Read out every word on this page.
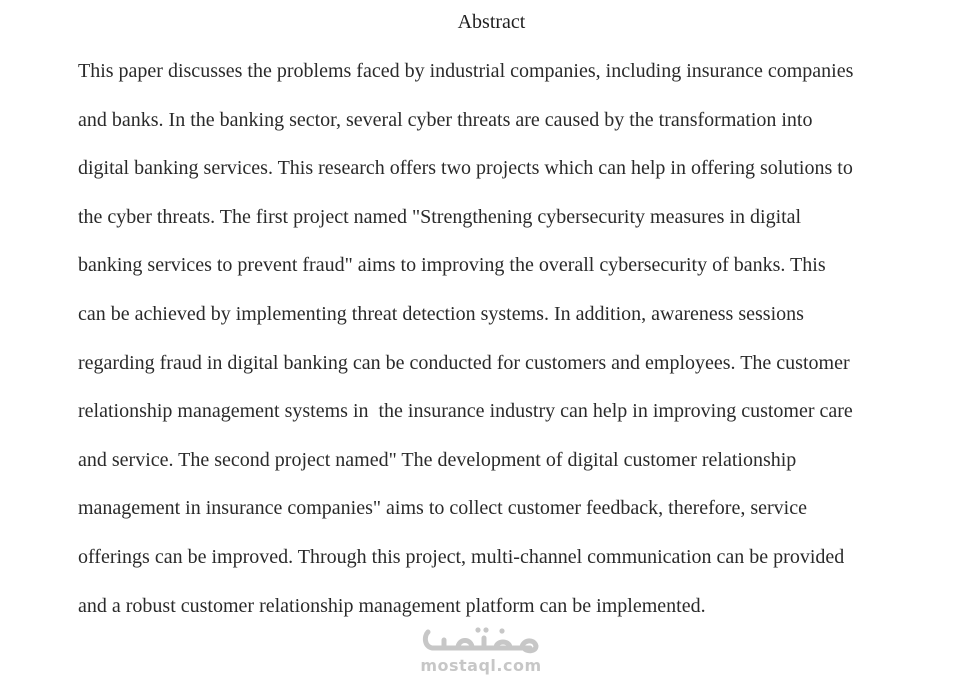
Abstract
This paper discusses the problems faced by industrial companies, including insurance companies
and banks. In the banking sector, several cyber threats are caused by the transformation into
digital banking services. This research offers two projects which can help in offering solutions to
the cyber threats. The first project named "Strengthening cybersecurity measures in digital
banking services to prevent fraud" aims to improving the overall cybersecurity of banks. This
can be achieved by implementing threat detection systems. In addition, awareness sessions
regarding fraud in digital banking can be conducted for customers and employees. The customer
relationship management systems in  the insurance industry can help in improving customer care
and service. The second project named" The development of digital customer relationship
management in insurance companies" aims to collect customer feedback, therefore, service
offerings can be improved. Through this project, multi-channel communication can be provided
and a robust customer relationship management platform can be implemented.
mostaql.com
